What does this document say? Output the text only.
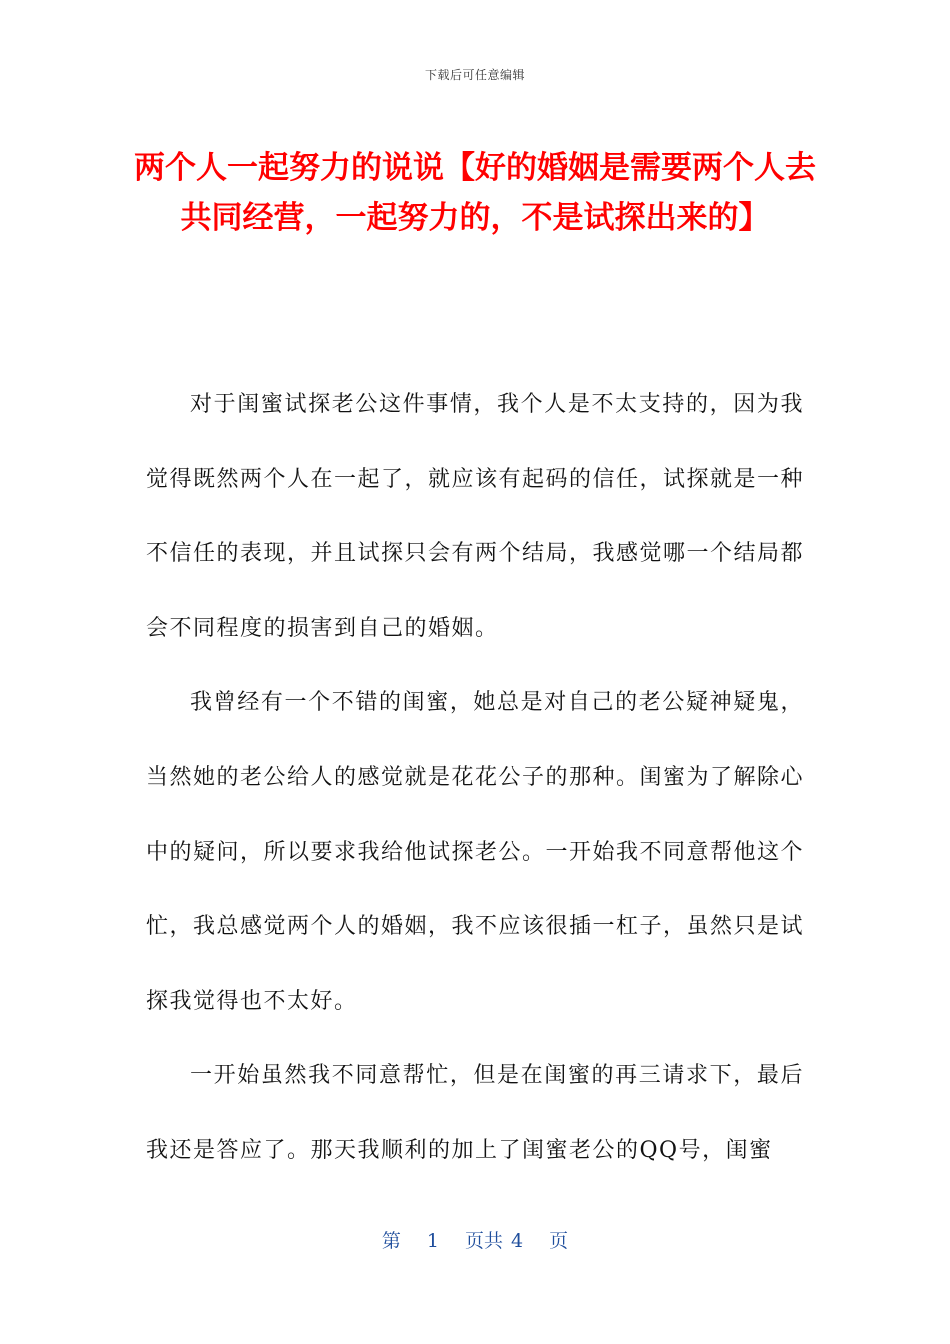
下载后可任意编辑
两个人一起努力的说说【好的婚姻是需要两个人去共同经营，一起努力的，不是试探出来的】

对于闺蜜试探老公这件事情，我个人是不太支持的，因为我觉得既然两个人在一起了，就应该有起码的信任，试探就是一种不信任的表现，并且试探只会有两个结局，我感觉哪一个结局都会不同程度的损害到自己的婚姻。

我曾经有一个不错的闺蜜，她总是对自己的老公疑神疑鬼，当然她的老公给人的感觉就是花花公子的那种。闺蜜为了解除心中的疑问，所以要求我给他试探老公。一开始我不同意帮他这个忙，我总感觉两个人的婚姻，我不应该很插一杠子，虽然只是试探我觉得也不太好。

一开始虽然我不同意帮忙，但是在闺蜜的再三请求下，最后我还是答应了。那天我顺利的加上了闺蜜老公的QQ号，闺蜜

第 1 页共 4 页
